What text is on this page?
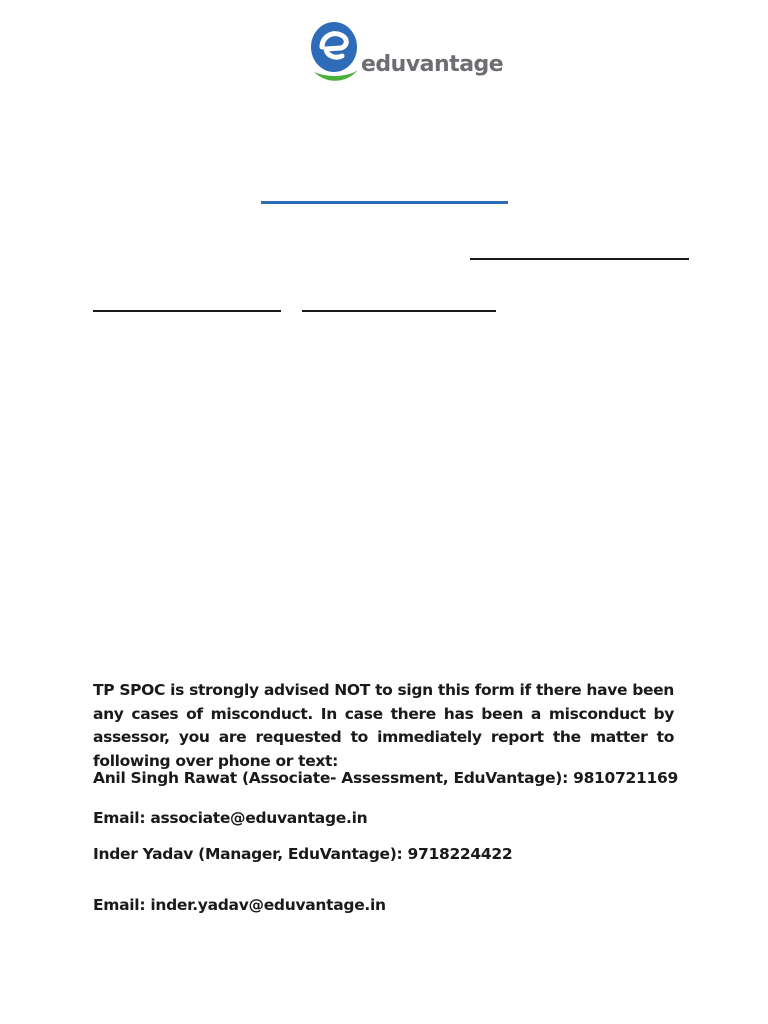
eduvantage
TP SPOC is strongly advised NOT to sign this form if there have been any cases of misconduct. In case there has been a misconduct by assessor, you are requested to immediately report the matter to following over phone or text:
Anil Singh Rawat (Associate- Assessment, EduVantage): 9810721169
Email: associate@eduvantage.in
Inder Yadav (Manager, EduVantage): 9718224422
Email: inder.yadav@eduvantage.in
